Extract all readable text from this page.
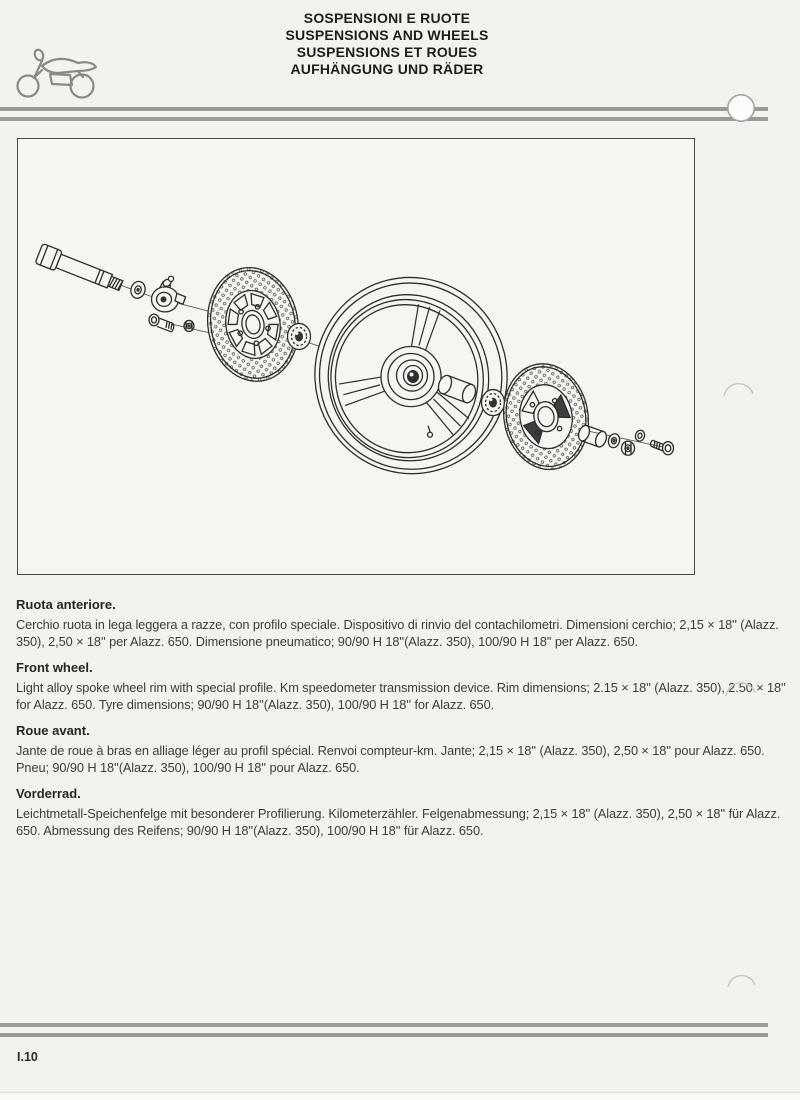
SOSPENSIONI E RUOTE
SUSPENSIONS AND WHEELS
SUSPENSIONS ET ROUES
AUFHÄNGUNG UND RÄDER
Ruota anteriore.

Cerchio ruota in lega leggera a razze, con profilo speciale. Dispositivo di rinvio del contachilometri. Dimensioni cerchio; 2,15 × 18'' (Alazz. 350), 2,50 × 18'' per Alazz. 650. Dimensione pneumatico; 90/90 H 18''(Alazz. 350), 100/90 H 18'' per Alazz. 650.

Front wheel.

Light alloy spoke wheel rim with special profile. Km speedometer transmission device. Rim dimensions; 2.15 × 18'' (Alazz. 350), 2.50 × 18'' for Alazz. 650. Tyre dimensions; 90/90 H 18''(Alazz. 350), 100/90 H 18'' for Alazz. 650.

Roue avant.

Jante de roue à bras en alliage léger au profil spécial. Renvoi compteur-km. Jante; 2,15 × 18'' (Alazz. 350), 2,50 × 18'' pour Alazz. 650. Pneu; 90/90 H 18''(Alazz. 350), 100/90 H 18'' pour Alazz. 650.

Vorderrad.

Leichtmetall-Speichenfelge mit besonderer Profilierung. Kilometerzähler. Felgenabmessung; 2,15 × 18'' (Alazz. 350), 2,50 × 18'' für Alazz. 650. Abmessung des Reifens; 90/90 H 18''(Alazz. 350), 100/90 H 18'' für Alazz. 650.

I.10
